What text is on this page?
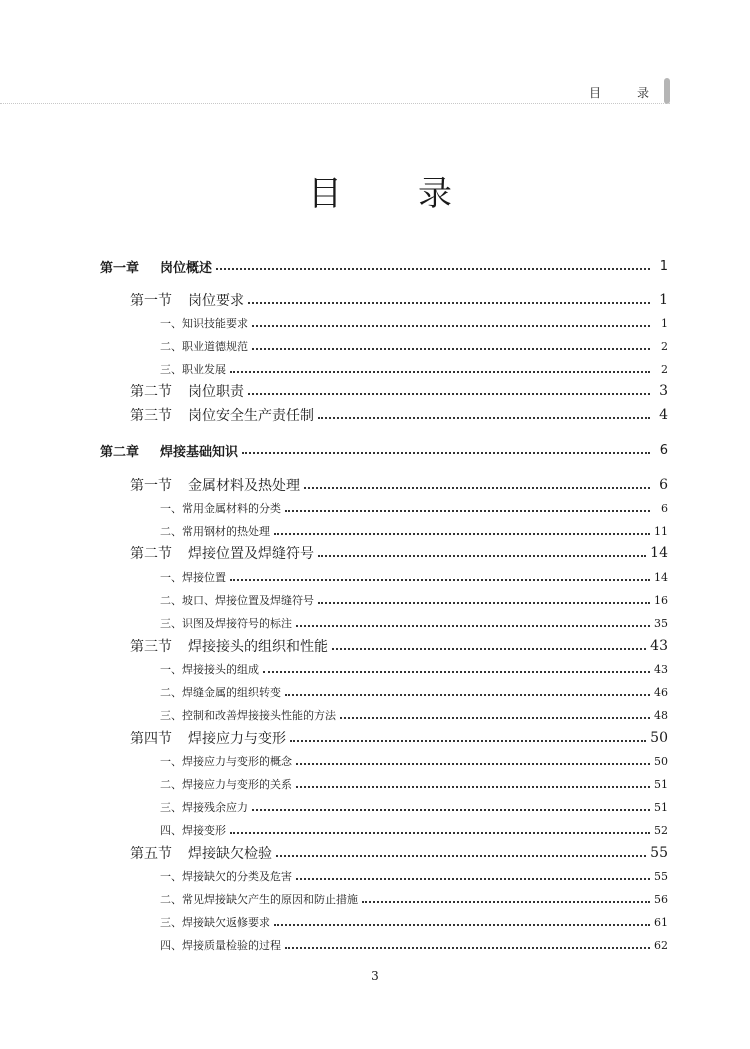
目	录
目 录
第一章 岗位概述	1
第一节 岗位要求	1
一、知识技能要求	1
二、职业道德规范	2
三、职业发展	2
第二节 岗位职责	3
第三节 岗位安全生产责任制	4
第二章 焊接基础知识	6
第一节 金属材料及热处理	6
一、常用金属材料的分类	6
二、常用钢材的热处理	11
第二节 焊接位置及焊缝符号	14
一、焊接位置	14
二、坡口、焊接位置及焊缝符号	16
三、识图及焊接符号的标注	35
第三节 焊接接头的组织和性能	43
一、焊接接头的组成	43
二、焊缝金属的组织转变	46
三、控制和改善焊接接头性能的方法	48
第四节 焊接应力与变形	50
一、焊接应力与变形的概念	50
二、焊接应力与变形的关系	51
三、焊接残余应力	51
四、焊接变形	52
第五节 焊接缺欠检验	55
一、焊接缺欠的分类及危害	55
二、常见焊接缺欠产生的原因和防止措施	56
三、焊接缺欠返修要求	61
四、焊接质量检验的过程	62
3
